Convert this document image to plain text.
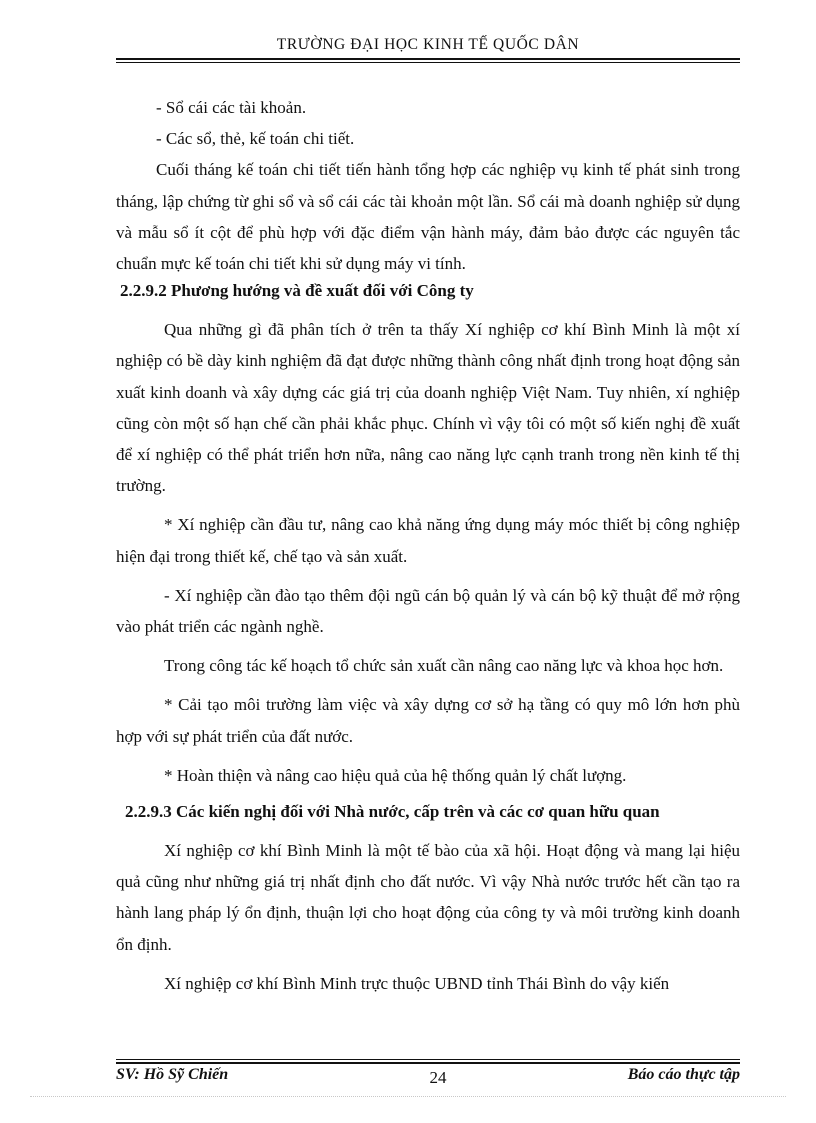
TRƯỜNG ĐẠI HỌC KINH TẾ QUỐC DÂN

- Sổ cái các tài khoản.

- Các sổ, thẻ, kế toán chi tiết.

Cuối tháng kế toán chi tiết tiến hành tổng hợp các nghiệp vụ kinh tế phát sinh trong tháng, lập chứng từ ghi sổ và sổ cái các tài khoản một lần. Sổ cái mà doanh nghiệp sử dụng và mẫu sổ ít cột để phù hợp với đặc điểm vận hành máy, đảm bảo được các nguyên tắc chuẩn mực kế toán chi tiết khi sử dụng máy vi tính.

2.2.9.2 Phương hướng và đề xuất đối với Công ty

Qua những gì đã phân tích ở trên ta thấy Xí nghiệp cơ khí Bình Minh là một xí nghiệp có bề dày kinh nghiệm đã đạt được những thành công nhất định trong hoạt động sản xuất kinh doanh và xây dựng các giá trị của doanh nghiệp Việt Nam. Tuy nhiên, xí nghiệp cũng còn một số hạn chế cần phải khắc phục. Chính vì vậy tôi có một số kiến nghị đề xuất để xí nghiệp có thể phát triển hơn nữa, nâng cao năng lực cạnh tranh trong nền kinh tế thị trường.

* Xí nghiệp cần đầu tư, nâng cao khả năng ứng dụng máy móc thiết bị công nghiệp hiện đại trong thiết kế, chế tạo và sản xuất.

- Xí nghiệp cần đào tạo thêm đội ngũ cán bộ quản lý và cán bộ kỹ thuật để mở rộng vào phát triển các ngành nghề.

Trong công tác kế hoạch tổ chức sản xuất cần nâng cao năng lực và khoa học hơn.

* Cải tạo môi trường làm việc và xây dựng cơ sở hạ tầng có quy mô lớn hơn phù hợp với sự phát triển của đất nước.

* Hoàn thiện và nâng cao hiệu quả của hệ thống quản lý chất lượng.

2.2.9.3 Các kiến nghị đối với Nhà nước, cấp trên và các cơ quan hữu quan

Xí nghiệp cơ khí Bình Minh là một tế bào của xã hội. Hoạt động và mang lại hiệu quả cũng như những giá trị nhất định cho đất nước. Vì vậy Nhà nước trước hết cần tạo ra hành lang pháp lý ổn định, thuận lợi cho hoạt động của công ty và môi trường kinh doanh ổn định.

Xí nghiệp cơ khí Bình Minh trực thuộc UBND tỉnh Thái Bình do vậy kiến

SV: Hồ Sỹ Chiến	24	Báo cáo thực tập
